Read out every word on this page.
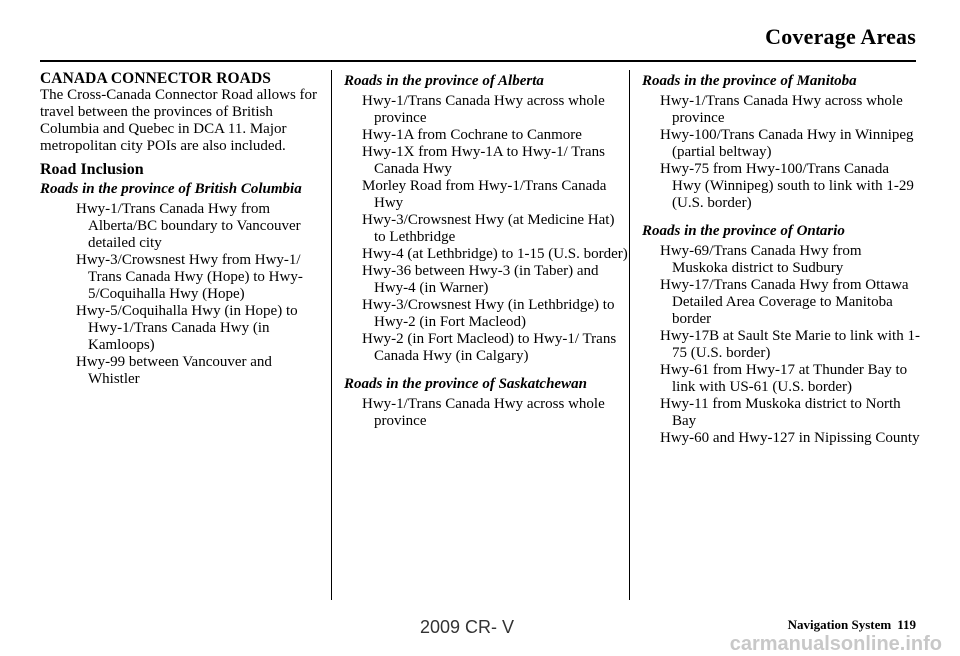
Coverage Areas
CANADA CONNECTOR ROADS

The Cross-Canada Connector Road allows for travel between the provinces of British Columbia and Quebec in DCA 11. Major metropolitan city POIs are also included.

Road Inclusion
Roads in the province of British Columbia
Hwy-1/Trans Canada Hwy from Alberta/BC boundary to Vancouver detailed city
Hwy-3/Crowsnest Hwy from Hwy-1/ Trans Canada Hwy (Hope) to Hwy-5/Coquihalla Hwy (Hope)
Hwy-5/Coquihalla Hwy (in Hope) to Hwy-1/Trans Canada Hwy (in Kamloops)
Hwy-99 between Vancouver and Whistler
Roads in the province of Alberta
Hwy-1/Trans Canada Hwy across whole province
Hwy-1A from Cochrane to Canmore
Hwy-1X from Hwy-1A to Hwy-1/ Trans Canada Hwy
Morley Road from Hwy-1/Trans Canada Hwy
Hwy-3/Crowsnest Hwy (at Medicine Hat) to Lethbridge
Hwy-4 (at Lethbridge) to 1-15 (U.S. border)
Hwy-36 between Hwy-3 (in Taber) and Hwy-4 (in Warner)
Hwy-3/Crowsnest Hwy (in Lethbridge) to Hwy-2 (in Fort Macleod)
Hwy-2 (in Fort Macleod) to Hwy-1/ Trans Canada Hwy (in Calgary)
Roads in the province of Saskatchewan
Hwy-1/Trans Canada Hwy across whole province
Roads in the province of Manitoba
Hwy-1/Trans Canada Hwy across whole province
Hwy-100/Trans Canada Hwy in Winnipeg (partial beltway)
Hwy-75 from Hwy-100/Trans Canada Hwy (Winnipeg) south to link with 1-29 (U.S. border)
Roads in the province of Ontario
Hwy-69/Trans Canada Hwy from Muskoka district to Sudbury
Hwy-17/Trans Canada Hwy from Ottawa Detailed Area Coverage to Manitoba border
Hwy-17B at Sault Ste Marie to link with 1-75 (U.S. border)
Hwy-61 from Hwy-17 at Thunder Bay to link with US-61 (U.S. border)
Hwy-11 from Muskoka district to North Bay
Hwy-60 and Hwy-127 in Nipissing County
Navigation System 119
2009 CR- V
carmanualsonline.info
